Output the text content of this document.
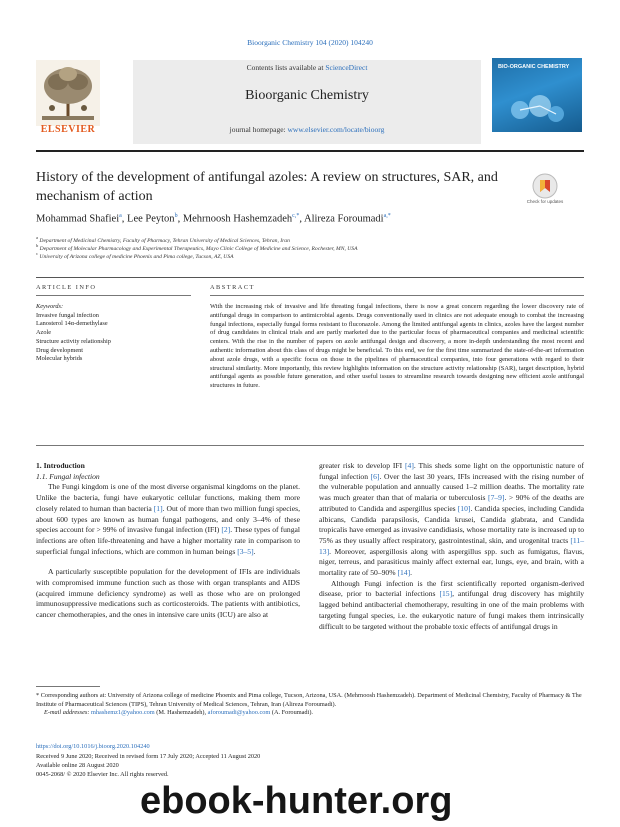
Bioorganic Chemistry 104 (2020) 104240
ELSEVIER
Contents lists available at ScienceDirect
Bioorganic Chemistry
journal homepage: www.elsevier.com/locate/bioorg
BIO-ORGANIC CHEMISTRY
History of the development of antifungal azoles: A review on structures, SAR, and mechanism of action	Check for updates
Mohammad Shafiei$^a$, Lee Peyton$^b$, Mehrnoosh Hashemzadeh$^{c,*}$, Alireza Foroumadi$^{a,*}$
$^a$ Department of Medicinal Chemistry, Faculty of Pharmacy, Tehran University of Medical Sciences, Tehran, Iran
$^b$ Department of Molecular Pharmacology and Experimental Therapeutics, Mayo Clinic College of Medicine and Science, Rochester, MN, USA
$^c$ University of Arizona college of medicine Phoenix and Pima college, Tucson, AZ, USA
ARTICLE INFO	ABSTRACT
Keywords:
Invasive fungal infection
Lanosterol 14α-demethylase
Azole
Structure activity relationship
Drug development
Molecular hybrids
With the increasing risk of invasive and life threating fungal infections, there is now a great concern regarding the lower discovery rate of antifungal drugs in comparison to antimicrobial agents. Drugs conventionally used in clinics are not adequate enough to combat the increasing fungal infections, especially fungal forms resistant to fluconazole. Among the limited antifungal agents in clinics, azoles have the largest number of drug candidates in clinical trials and are partly marketed due to the particular focus of pharmaceutical companies and medicinal scientific centers. With the rise in the number of papers on azole antifungal design and discovery, a more in-depth understanding the most recent and authentic information about this class of drugs might be beneficial. To this end, we for the first time summarized the state-of-the-art information about azole drugs, with a specific focus on those in the pipelines of pharmaceutical companies, into four generations with regard to their structural similarity. More importantly, this review highlights information on the structure activity relationship (SAR), target description, hybrid antifungal agents as possible future generation, and other useful issues to streamline research towards designing new efficient azole antifungal structures in future.

1. Introduction

1.1. Fungal infection

The Fungi kingdom is one of the most diverse organismal kingdoms on the planet. Unlike the bacteria, fungi have eukaryotic cellular functions, making them more closely related to human than bacteria [1]. Out of more than two million fungi species, about 600 types are known as human fungal pathogens, and only 3–4% of these species account for > 99% of invasive fungal infection (IFI) [2]. These types of fungal infections are often life-threatening and have a higher mortality rate in comparison to superficial fungal infections, which are common in human beings [3–5].

A particularly susceptible population for the development of IFIs are individuals with compromised immune function such as those with organ transplants and AIDS (acquired immune deficiency syndrome) as well as those who are on prolonged immunosuppressive medications such as corticosteroids. The patients with antibiotics, cancer chemotherapies, and the ones in intensive care units (ICU) are also at

greater risk to develop IFI [4]. This sheds some light on the opportunistic nature of fungal infection [6]. Over the last 30 years, IFIs increased with the rising number of the vulnerable population and annually caused 1–2 million deaths. The mortality rate was much greater than that of malaria or tuberculosis [7–9]. > 90% of the deaths are attributed to Candida and aspergillus species [10]. Candida species, including Candida albicans, Candida parapsilosis, Candida krusei, Candida glabrata, and Candida tropicalis have emerged as invasive candidiasis, whose mortality rate is increased up to 75% as they usually affect respiratory, gastrointestinal, skin, and urogenital tracts [11–13]. Moreover, aspergillosis along with aspergillus spp. such as fumigatus, flavus, niger, terreus, and parasiticus mainly affect external ear, lungs, eye, and brain, with a mortality rate of 50–90% [14].

Although Fungi infection is the first scientifically reported organism-derived disease, prior to bacterial infections [15], antifungal drug discovery has mightily lagged behind antibacterial chemotherapy, resulting in one of the main problems with targeting fungal species, i.e. the eukaryotic nature of fungi makes them intrinsically difficult to be targeted without the probable toxic effects of antifungal drugs in

* Corresponding authors at: University of Arizona college of medicine Phoenix and Pima college, Tucson, Arizona, USA. (Mehrnoosh Hashemzadeh). Department of Medicinal Chemistry, Faculty of Pharmacy & The Institute of Pharmaceutical Sciences (TIPS), Tehran University of Medical Sciences, Tehran, Iran (Alireza Foroumadi).
E-mail addresses: mhashemz1@yahoo.com (M. Hashemzadeh), aforoumadi@yahoo.com (A. Foroumadi).
https://doi.org/10.1016/j.bioorg.2020.104240
Received 9 June 2020; Received in revised form 17 July 2020; Accepted 11 August 2020
Available online 28 August 2020
0045-2068/ © 2020 Elsevier Inc. All rights reserved.
ebook-hunter.org
